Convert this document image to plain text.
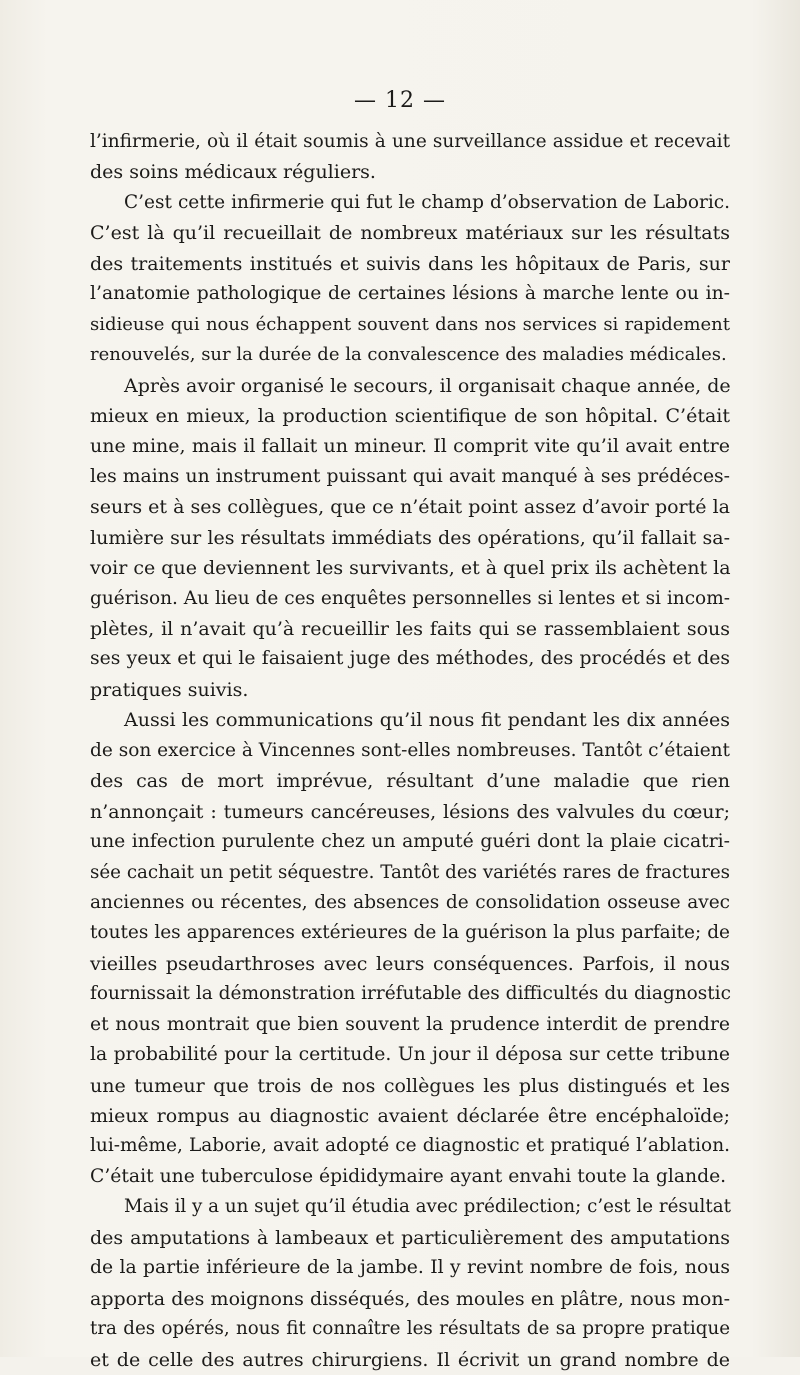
— 12 —
l’infirmerie, où il était soumis à une surveillance assidue et recevait
des soins médicaux réguliers.
C’est cette infirmerie qui fut le champ d’observation de Laboric.
C’est là qu’il recueillait de nombreux matériaux sur les résultats
des traitements institués et suivis dans les hôpitaux de Paris, sur
l’anatomie pathologique de certaines lésions à marche lente ou in-
sidieuse qui nous échappent souvent dans nos services si rapidement
renouvelés, sur la durée de la convalescence des maladies médicales.
Après avoir organisé le secours, il organisait chaque année, de
mieux en mieux, la production scientifique de son hôpital. C’était
une mine, mais il fallait un mineur. Il comprit vite qu’il avait entre
les mains un instrument puissant qui avait manqué à ses prédéces-
seurs et à ses collègues, que ce n’était point assez d’avoir porté la
lumière sur les résultats immédiats des opérations, qu’il fallait sa-
voir ce que deviennent les survivants, et à quel prix ils achètent la
guérison. Au lieu de ces enquêtes personnelles si lentes et si incom-
plètes, il n’avait qu’à recueillir les faits qui se rassemblaient sous
ses yeux et qui le faisaient juge des méthodes, des procédés et des
pratiques suivis.
Aussi les communications qu’il nous fit pendant les dix années
de son exercice à Vincennes sont-elles nombreuses. Tantôt c’étaient
des cas de mort imprévue, résultant d’une maladie que rien
n’annonçait : tumeurs cancéreuses, lésions des valvules du cœur;
une infection purulente chez un amputé guéri dont la plaie cicatri-
sée cachait un petit séquestre. Tantôt des variétés rares de fractures
anciennes ou récentes, des absences de consolidation osseuse avec
toutes les apparences extérieures de la guérison la plus parfaite; de
vieilles pseudarthroses avec leurs conséquences. Parfois, il nous
fournissait la démonstration irréfutable des difficultés du diagnostic
et nous montrait que bien souvent la prudence interdit de prendre
la probabilité pour la certitude. Un jour il déposa sur cette tribune
une tumeur que trois de nos collègues les plus distingués et les
mieux rompus au diagnostic avaient déclarée être encéphaloïde;
lui-même, Laborie, avait adopté ce diagnostic et pratiqué l’ablation.
C’était une tuberculose épididymaire ayant envahi toute la glande.
Mais il y a un sujet qu’il étudia avec prédilection; c’est le résultat
des amputations à lambeaux et particulièrement des amputations
de la partie inférieure de la jambe. Il y revint nombre de fois, nous
apporta des moignons disséqués, des moules en plâtre, nous mon-
tra des opérés, nous fit connaître les résultats de sa propre pratique
et de celle des autres chirurgiens. Il écrivit un grand nombre de
